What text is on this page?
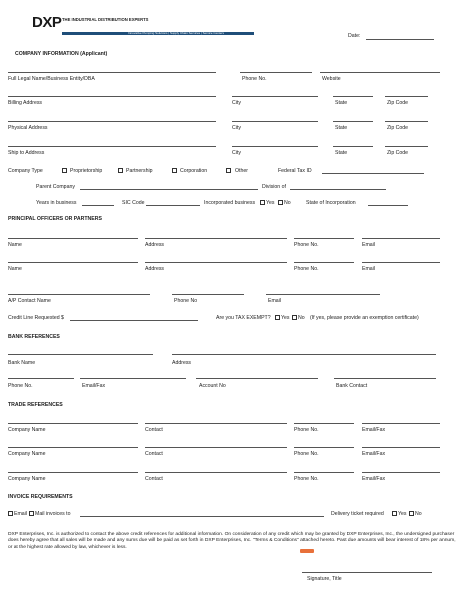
DXP THE INDUSTRIAL DISTRIBUTION EXPERTS
Innovative Pumping Solutions | Supply Chain Services | Service Centers	Date:
COMPANY INFORMATION (Applicant)
Full Legal Name/Business Entity/DBA	Phone No.	Website
Billing Address	City	State	Zip Code
Physical Address	City	State	Zip Code
Ship to Address	City	State	Zip Code
Company Type	Proprietorship	Partnership	Corporation	Other	Federal Tax ID
Parent Company	Division of
Years in business	SIC Code	Incorporated business Yes No	State of Incorporation
PRINCIPAL OFFICERS OR PARTNERS
Name	Address	Phone No.	Email
Name	Address	Phone No.	Email
A/P Contact Name	Phone No	Email
Credit Line Requested $	Are you TAX EXEMPT? Yes No (If yes, please provide an exemption certificate)
BANK REFERENCES
Bank Name	Address
Phone No.	Email/Fax	Account No	Bank Contact
TRADE REFERENCES
Company Name	Contact	Phone No.	Email/Fax
Company Name	Contact	Phone No.	Email/Fax
Company Name	Contact	Phone No.	Email/Fax
INVOICE REQUIREMENTS
Email Mail invoices to	Delivery ticket required	Yes No
DXP Enterprises, Inc. is authorized to contact the above credit references for additional information. On consideration of any credit which may be granted by DXP Enterprises, Inc., the undersigned purchaser does hereby agree that all sales will be made and any sums due will be paid as set forth in DXP Enterprises, Inc. "Terms & Conditions" attached hereto. Past due amounts will bear interest of 18% per annum, or at the highest rate allowed by law, whichever is less.
Signature, Title
